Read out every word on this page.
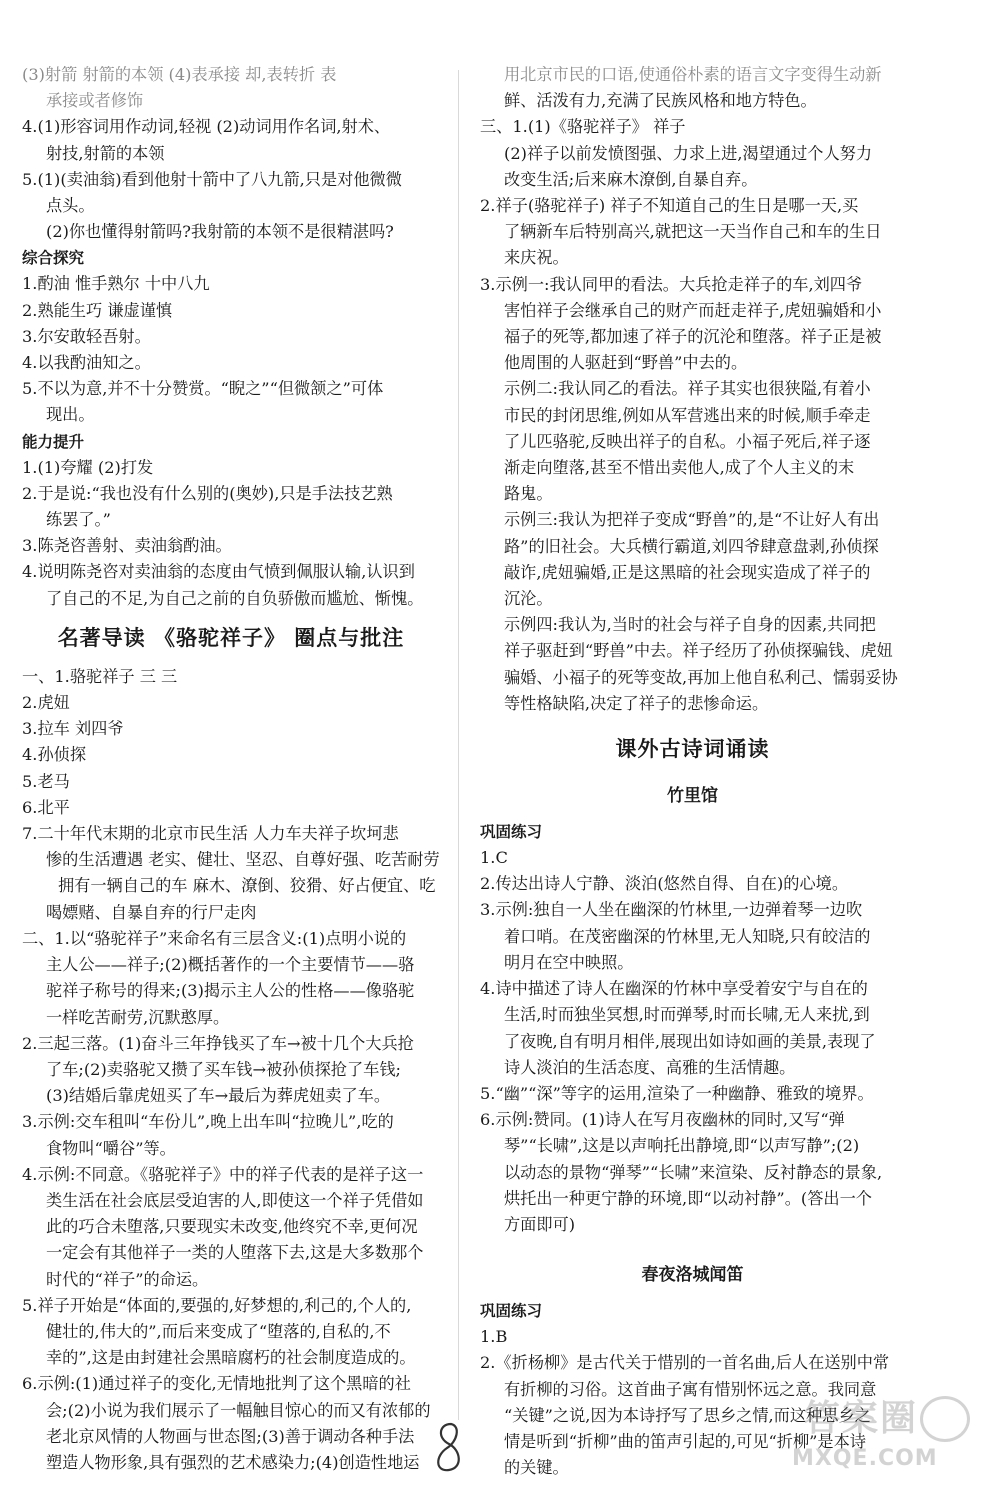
(3)射箭 射箭的本领 (4)表承接 却,表转折 表
承接或者修饰
4.(1)形容词用作动词,轻视 (2)动词用作名词,射术、
射技,射箭的本领
5.(1)(卖油翁)看到他射十箭中了八九箭,只是对他微微
点头。
(2)你也懂得射箭吗?我射箭的本领不是很精湛吗?
综合探究
1.酌油 惟手熟尔 十中八九
2.熟能生巧 谦虚谨慎
3.尔安敢轻吾射。
4.以我酌油知之。
5.不以为意,并不十分赞赏。“睨之”“但微颔之”可体
现出。
能力提升
1.(1)夸耀 (2)打发
2.于是说:“我也没有什么别的(奥妙),只是手法技艺熟
练罢了。”
3.陈尧咨善射、卖油翁酌油。
4.说明陈尧咨对卖油翁的态度由气愤到佩服认输,认识到
了自己的不足,为自己之前的自负骄傲而尴尬、惭愧。
名著导读 《骆驼祥子》 圈点与批注
一、1.骆驼祥子 三 三
2.虎妞
3.拉车 刘四爷
4.孙侦探
5.老马
6.北平
7.二十年代末期的北京市民生活 人力车夫祥子坎坷悲
惨的生活遭遇 老实、健壮、坚忍、自尊好强、吃苦耐劳
拥有一辆自己的车 麻木、潦倒、狡猾、好占便宜、吃
喝嫖赌、自暴自弃的行尸走肉
二、1.以“骆驼祥子”来命名有三层含义:(1)点明小说的
主人公——祥子;(2)概括著作的一个主要情节——骆
驼祥子称号的得来;(3)揭示主人公的性格——像骆驼
一样吃苦耐劳,沉默憨厚。
2.三起三落。(1)奋斗三年挣钱买了车→被十几个大兵抢
了车;(2)卖骆驼又攒了买车钱→被孙侦探抢了车钱;
(3)结婚后靠虎妞买了车→最后为葬虎妞卖了车。
3.示例:交车租叫“车份儿”,晚上出车叫“拉晚儿”,吃的
食物叫“嚼谷”等。
4.示例:不同意。《骆驼祥子》中的祥子代表的是祥子这一
类生活在社会底层受迫害的人,即使这一个祥子凭借如
此的巧合未堕落,只要现实未改变,他终究不幸,更何况
一定会有其他祥子一类的人堕落下去,这是大多数那个
时代的“祥子”的命运。
5.祥子开始是“体面的,要强的,好梦想的,利己的,个人的,
健壮的,伟大的”,而后来变成了“堕落的,自私的,不
幸的”,这是由封建社会黑暗腐朽的社会制度造成的。
6.示例:(1)通过祥子的变化,无情地批判了这个黑暗的社
会;(2)小说为我们展示了一幅触目惊心的而又有浓郁的
老北京风情的人物画与世态图;(3)善于调动各种手法
塑造人物形象,具有强烈的艺术感染力;(4)创造性地运
用北京市民的口语,使通俗朴素的语言文字变得生动新
鲜、活泼有力,充满了民族风格和地方特色。
三、1.(1)《骆驼祥子》 祥子
(2)祥子以前发愤图强、力求上进,渴望通过个人努力
改变生活;后来麻木潦倒,自暴自弃。
2.祥子(骆驼祥子) 祥子不知道自己的生日是哪一天,买
了辆新车后特别高兴,就把这一天当作自己和车的生日
来庆祝。
3.示例一:我认同甲的看法。大兵抢走祥子的车,刘四爷
害怕祥子会继承自己的财产而赶走祥子,虎妞骗婚和小
福子的死等,都加速了祥子的沉沦和堕落。祥子正是被
他周围的人驱赶到“野兽”中去的。
示例二:我认同乙的看法。祥子其实也很狭隘,有着小
市民的封闭思维,例如从军营逃出来的时候,顺手牵走
了儿匹骆驼,反映出祥子的自私。小福子死后,祥子逐
渐走向堕落,甚至不惜出卖他人,成了个人主义的末
路鬼。
示例三:我认为把祥子变成“野兽”的,是“不让好人有出
路”的旧社会。大兵横行霸道,刘四爷肆意盘剥,孙侦探
敲诈,虎妞骗婚,正是这黑暗的社会现实造成了祥子的
沉沦。
示例四:我认为,当时的社会与祥子自身的因素,共同把
祥子驱赶到“野兽”中去。祥子经历了孙侦探骗钱、虎妞
骗婚、小福子的死等变故,再加上他自私利己、懦弱妥协
等性格缺陷,决定了祥子的悲惨命运。
课外古诗词诵读
竹里馆
巩固练习
1.C
2.传达出诗人宁静、淡泊(悠然自得、自在)的心境。
3.示例:独自一人坐在幽深的竹林里,一边弹着琴一边吹
着口哨。在茂密幽深的竹林里,无人知晓,只有皎洁的
明月在空中映照。
4.诗中描述了诗人在幽深的竹林中享受着安宁与自在的
生活,时而独坐冥想,时而弹琴,时而长啸,无人来扰,到
了夜晚,自有明月相伴,展现出如诗如画的美景,表现了
诗人淡泊的生活态度、高雅的生活情趣。
5.“幽”“深”等字的运用,渲染了一种幽静、雅致的境界。
6.示例:赞同。(1)诗人在写月夜幽林的同时,又写“弹
琴”“长啸”,这是以声响托出静境,即“以声写静”;(2)
以动态的景物“弹琴”“长啸”来渲染、反衬静态的景象,
烘托出一种更宁静的环境,即“以动衬静”。(答出一个
方面即可)
春夜洛城闻笛
巩固练习
1.B
2.《折杨柳》是古代关于惜别的一首名曲,后人在送别中常
有折柳的习俗。这首曲子寓有惜别怀远之意。我同意
“关键”之说,因为本诗抒写了思乡之情,而这种思乡之
情是听到“折柳”曲的笛声引起的,可见“折柳”是本诗
的关键。
答案圈
MXQE.COM
